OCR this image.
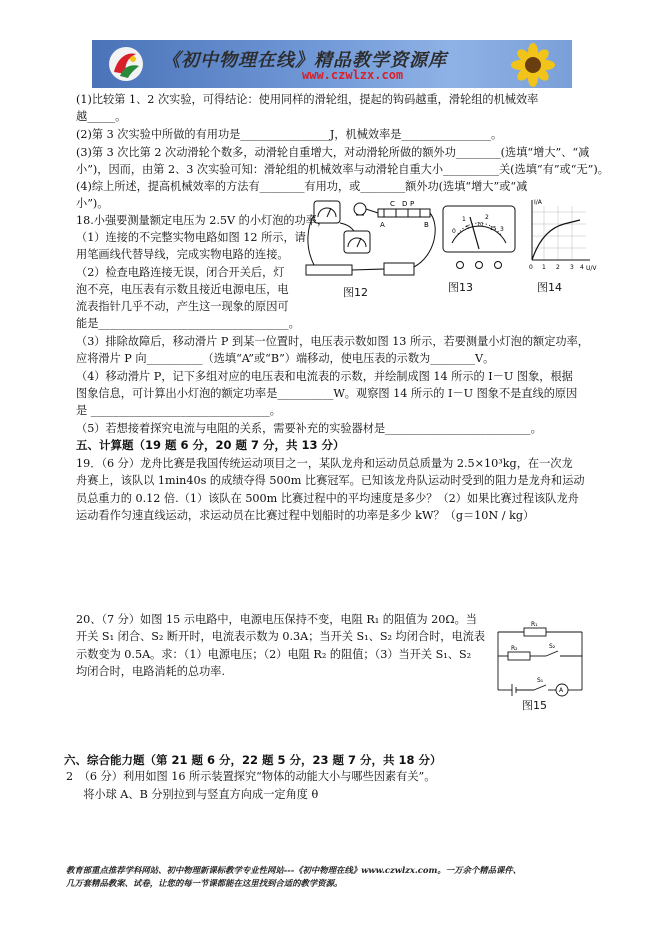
《初中物理在线》精品教学资源库
www.czwlzx.com
(1)比较第 1、2 次实验，可得结论：使用同样的滑轮组，提起的钩码越重，滑轮组的机械效率
越_____。
(2)第 3 次实验中所做的有用功是________________J，机械效率是________________。
(3)第 3 次比第 2 次动滑轮个数多，动滑轮自重增大，对动滑轮所做的额外功________(选填“增大”、“减
小”)，因而，由第 2、3 次实验可知：滑轮组的机械效率与动滑轮自重大小__________关(选填“有”或“无”)。
(4)综上所述，提高机械效率的方法有________有用功，或________额外功(选填“增大”或“减
小”)。
18.小强要测量额定电压为 2.5V 的小灯泡的功率，
（1）连接的不完整实物电路如图 12 所示，请
用笔画线代替导线，完成实物电路的连接。
（2）检查电路连接无误，闭合开关后，灯
泡不亮，电压表有示数且接近电源电压，电
流表指针几乎不动，产生这一现象的原因可
能是__________________________________。
C D
A	B
P
图12
0
1	2
3
5 10
15
图13
I/A
U/V
0 1 2 3 4
图14
（3）排除故障后，移动滑片 P 到某一位置时，电压表示数如图 13 所示，若要测量小灯泡的额定功率，
应将滑片 P 向__________（选填“A”或“B”）端移动，使电压表的示数为________V。
（4）移动滑片 P，记下多组对应的电压表和电流表的示数，并绘制成图 14 所示的 I－U 图象，根据
图象信息，可计算出小灯泡的额定功率是__________W。观察图 14 所示的 I－U 图象不是直线的原因
是 ________________________________。
（5）若想接着探究电流与电阻的关系，需要补充的实验器材是__________________________。
五、计算题（19 题 6 分，20 题 7 分，共 13 分）
19．（6 分）龙舟比赛是我国传统运动项目之一，某队龙舟和运动员总质量为 2.5×10³kg，在一次龙
舟赛上，该队以 1min40s 的成绩夺得 500m 比赛冠军。已知该龙舟队运动时受到的阻力是龙舟和运动
员总重力的 0.12 倍.（1）该队在 500m 比赛过程中的平均速度是多少？（2）如果比赛过程该队龙舟
运动看作匀速直线运动，求运动员在比赛过程中划船时的功率是多少 kW？（g＝10N / kg）
20、（7 分）如图 15 示电路中，电源电压保持不变，电阻 R₁ 的阻值为 20Ω。当
开关 S₁ 闭合、S₂ 断开时，电流表示数为 0.3A；当开关 S₁、S₂ 均闭合时，电流表
示数变为 0.5A。求：（1）电源电压；（2）电阻 R₂ 的阻值；（3）当开关 S₁、S₂
均闭合时，电路消耗的总功率.
R₁
R₂	S₂
S₁
A
图15
六、综合能力题（第 21 题 6 分，22 题 5 分，23 题 7 分，共 18 分）
2　（6 分）利用如图 16 所示装置探究“物体的动能大小与哪些因素有关”。
　将小球 A、B 分别拉到与竖直方向成一定角度 θ
教育部重点推荐学科网站、初中物理新课标教学专业性网站---《初中物理在线》www.czwlzx.com。一万余个精品课件、
几万套精品教案、试卷，让您的每一节课都能在这里找到合适的教学资源。
